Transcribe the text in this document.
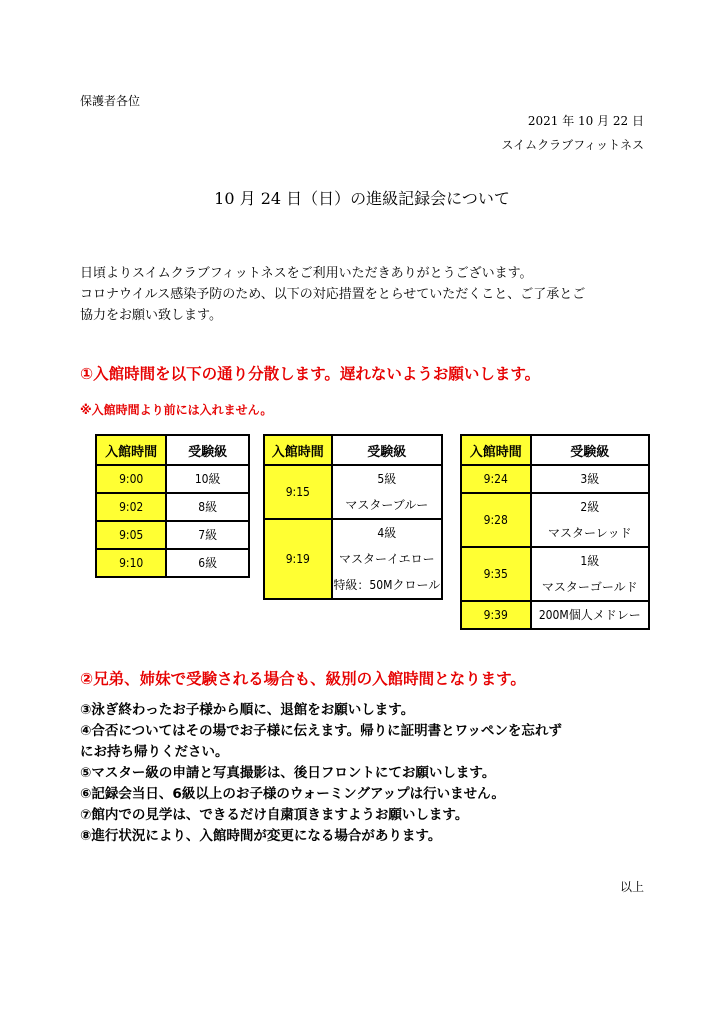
保護者各位
2021 年 10 月 22 日
スイムクラブフィットネス
10 月 24 日（日）の進級記録会について
日頃よりスイムクラブフィットネスをご利用いただきありがとうございます。
コロナウイルス感染予防のため、以下の対応措置をとらせていただくこと、ご了承とご
協力をお願い致します。
①入館時間を以下の通り分散します。遅れないようお願いします。
※入館時間より前には入れません。
入館時間	受験級
9:00	10級

9:02	8級

9:05	7級

9:10	6級
入館時間	受験級
9:15	5級
マスターブルー

9:19	4級
マスターイエロー
特級：50Mクロール
入館時間	受験級
9:24	3級

9:28	2級
マスターレッド

9:35	1級
マスターゴールド

9:39	200M個人メドレー
②兄弟、姉妹で受験される場合も、級別の入館時間となります。
③泳ぎ終わったお子様から順に、退館をお願いします。
④合否についてはその場でお子様に伝えます。帰りに証明書とワッペンを忘れず
にお持ち帰りください。
⑤マスター級の申請と写真撮影は、後日フロントにてお願いします。
⑥記録会当日、6級以上のお子様のウォーミングアップは行いません。
⑦館内での見学は、できるだけ自粛頂きますようお願いします。
⑧進行状況により、入館時間が変更になる場合があります。
以上
